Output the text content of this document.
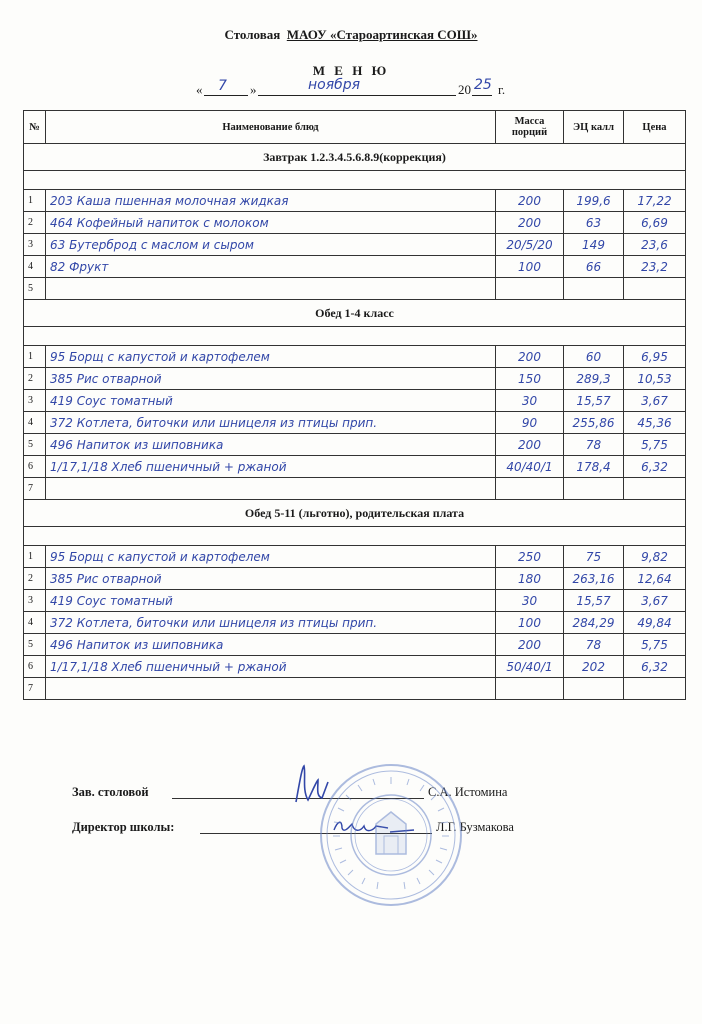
Столовая МАОУ «Староартинская СОШ»
М Е Н Ю
« 7 »	ноября	20 25 г.
№	Наименование блюд	Масса порций	ЭЦ калл	Цена
Завтрак 1.2.3.4.5.6.8.9(коррекция)				

1	203 Каша пшенная молочная жидкая	200	199,6	17,22
2	464 Кофейный напиток с молоком	200	63	6,69
3	63 Бутерброд с маслом и сыром	20/5/20	149	23,6
4	82 Фрукт	100	66	23,2
5				
Обед 1-4 класс				

1	95 Борщ с капустой и картофелем	200	60	6,95
2	385 Рис отварной	150	289,3	10,53
3	419 Соус томатный	30	15,57	3,67
4	372 Котлета, биточки или шницеля из птицы прип.	90	255,86	45,36
5	496 Напиток из шиповника	200	78	5,75
6	1/17,1/18 Хлеб пшеничный + ржаной	40/40/1	178,4	6,32
7				
Обед 5-11 (льготно), родительская плата				

1	95 Борщ с капустой и картофелем	250	75	9,82
2	385 Рис отварной	180	263,16	12,64
3	419 Соус томатный	30	15,57	3,67
4	372 Котлета, биточки или шницеля из птицы прип.	100	284,29	49,84
5	496 Напиток из шиповника	200	78	5,75
6	1/17,1/18 Хлеб пшеничный + ржаной	50/40/1	202	6,32
7				
Зав. столовой	С.А. Истомина
Директор школы:	Л.Г. Бузмакова
